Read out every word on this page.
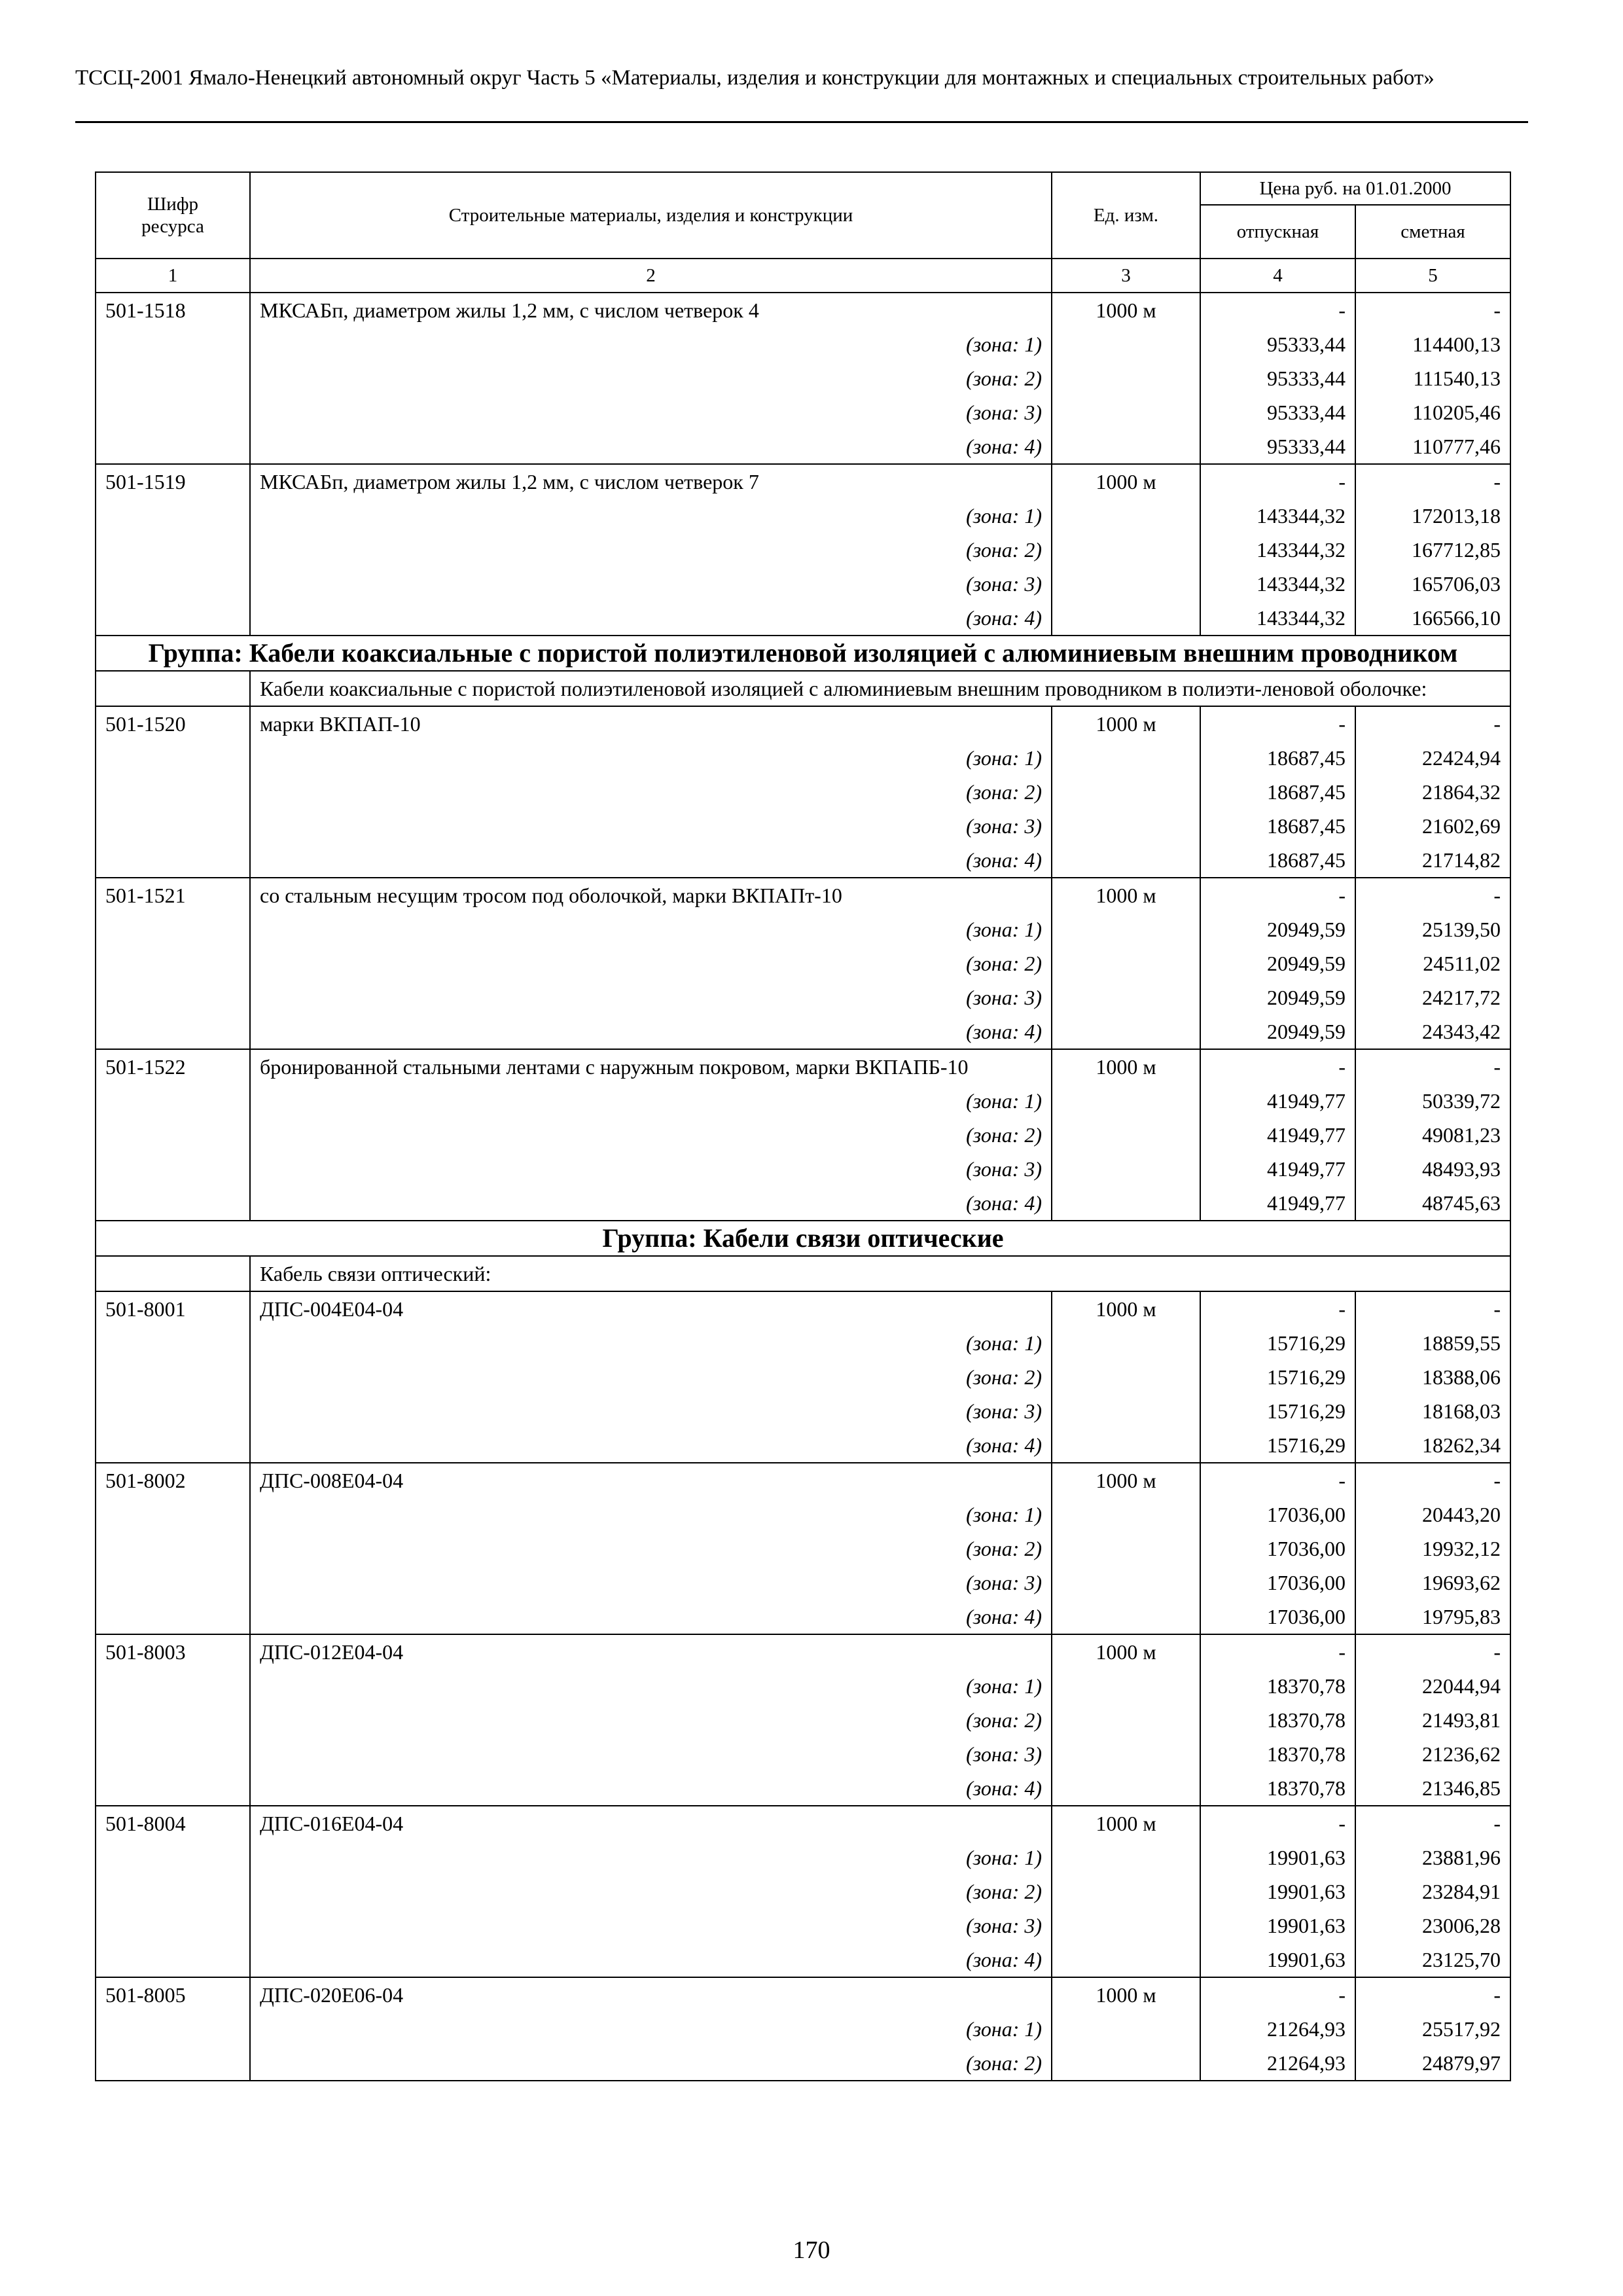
ТССЦ-2001 Ямало-Ненецкий автономный округ Часть 5 «Материалы, изделия и конструкции для монтажных и специальных строительных работ»
Шифр ресурса	Строительные материалы, изделия и конструкции	Ед. изм.	Цена руб. на 01.01.2000	
			отпускная	сметная
1	2	3	4	5
501-1518	МКСАБп, диаметром жилы 1,2 мм, с числом четверок 4	1000 м	-	-
	(зона: 1)		95333,44	114400,13
	(зона: 2)		95333,44	111540,13
	(зона: 3)		95333,44	110205,46
	(зона: 4)		95333,44	110777,46
501-1519	МКСАБп, диаметром жилы 1,2 мм, с числом четверок 7	1000 м	-	-
	(зона: 1)		143344,32	172013,18
	(зона: 2)		143344,32	167712,85
	(зона: 3)		143344,32	165706,03
	(зона: 4)		143344,32	166566,10
Группа: Кабели коаксиальные с пористой полиэтиленовой изоляцией с алюминиевым внешним проводником				
	Кабели коаксиальные с пористой полиэтиленовой изоляцией с алюминиевым внешним проводником в полиэти-леновой оболочке:			
501-1520	марки ВКПАП-10	1000 м	-	-
	(зона: 1)		18687,45	22424,94
	(зона: 2)		18687,45	21864,32
	(зона: 3)		18687,45	21602,69
	(зона: 4)		18687,45	21714,82
501-1521	со стальным несущим тросом под оболочкой, марки ВКПАПт-10	1000 м	-	-
	(зона: 1)		20949,59	25139,50
	(зона: 2)		20949,59	24511,02
	(зона: 3)		20949,59	24217,72
	(зона: 4)		20949,59	24343,42
501-1522	бронированной стальными лентами с наружным покровом, марки ВКПАПБ-10	1000 м	-	-
	(зона: 1)		41949,77	50339,72
	(зона: 2)		41949,77	49081,23
	(зона: 3)		41949,77	48493,93
	(зона: 4)		41949,77	48745,63
Группа: Кабели связи оптические				
	Кабель связи оптический:			
501-8001	ДПС-004Е04-04	1000 м	-	-
	(зона: 1)		15716,29	18859,55
	(зона: 2)		15716,29	18388,06
	(зона: 3)		15716,29	18168,03
	(зона: 4)		15716,29	18262,34
501-8002	ДПС-008Е04-04	1000 м	-	-
	(зона: 1)		17036,00	20443,20
	(зона: 2)		17036,00	19932,12
	(зона: 3)		17036,00	19693,62
	(зона: 4)		17036,00	19795,83
501-8003	ДПС-012Е04-04	1000 м	-	-
	(зона: 1)		18370,78	22044,94
	(зона: 2)		18370,78	21493,81
	(зона: 3)		18370,78	21236,62
	(зона: 4)		18370,78	21346,85
501-8004	ДПС-016Е04-04	1000 м	-	-
	(зона: 1)		19901,63	23881,96
	(зона: 2)		19901,63	23284,91
	(зона: 3)		19901,63	23006,28
	(зона: 4)		19901,63	23125,70
501-8005	ДПС-020Е06-04	1000 м	-	-
	(зона: 1)		21264,93	25517,92
	(зона: 2)		21264,93	24879,97
170
